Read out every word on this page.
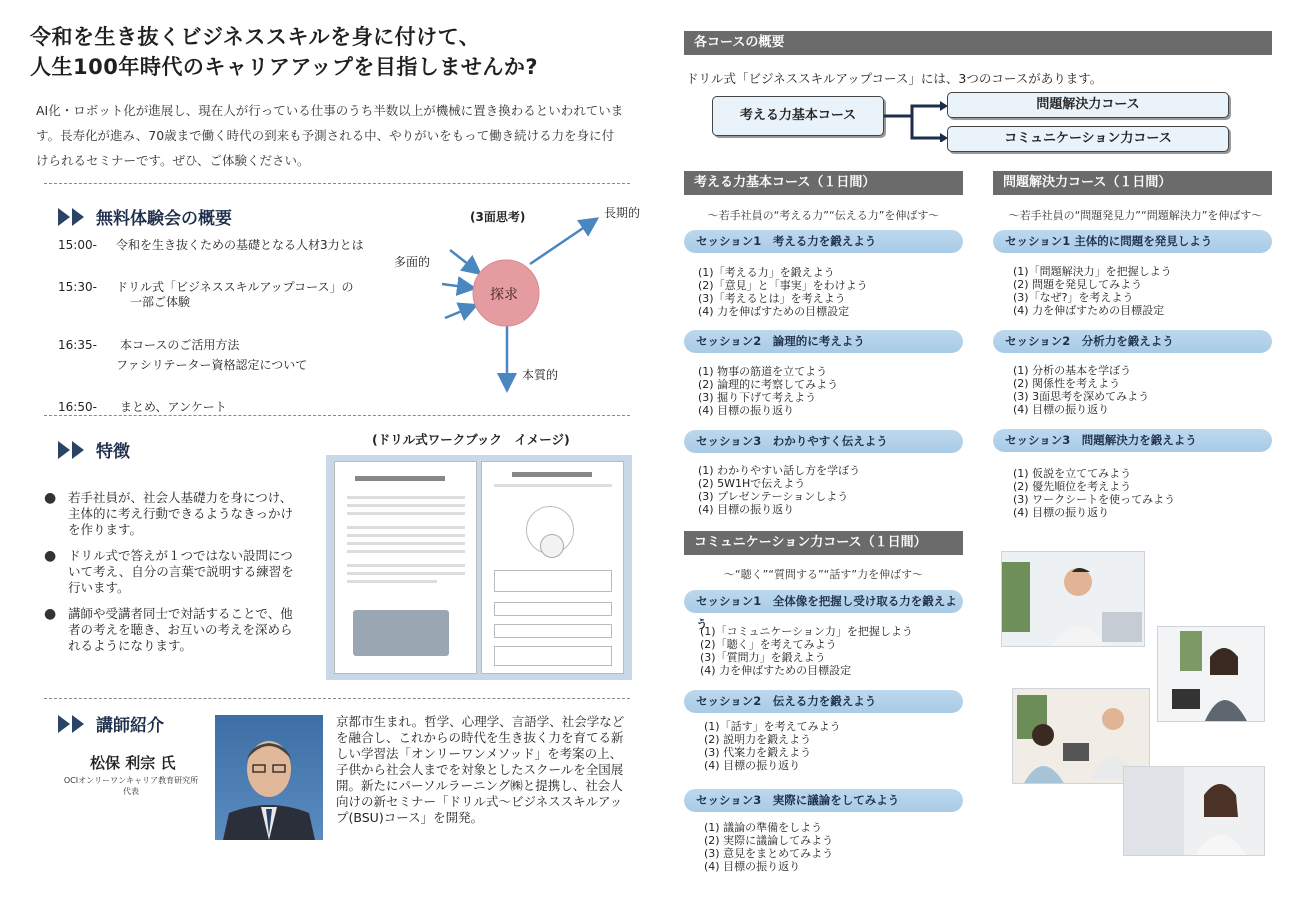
令和を生き抜くビジネススキルを身に付けて、
人生100年時代のキャリアアップを目指しませんか?
AI化・ロボット化が進展し、現在人が行っている仕事のうち半数以上が機械に置き換わるといわれています。長寿化が進み、70歳まで働く時代の到来も予測される中、やりがいをもって働き続ける力を身に付けられるセミナーです。ぜひ、ご体験ください。
無料体験会の概要
15:00-	令和を生き抜くための基礎となる人材3力とは
15:30-	ドリル式「ビジネススキルアップコース」の
一部ご体験
16:35-	本コースのご活用方法
ファシリテーター資格認定について
16:50-	まとめ、アンケート
(3面思考)
探求
多面的
長期的
本質的
特徴
(ドリル式ワークブック　イメージ)
● 若手社員が、社会人基礎力を身につけ、
主体的に考え行動できるようなきっかけ
を作ります。
● ドリル式で答えが１つではない設問につ
いて考え、自分の言葉で説明する練習を
行います。
● 講師や受講者同士で対話することで、他
者の考えを聴き、お互いの考えを深めら
れるようになります。
講師紹介
松保 利宗 氏
OCIオンリーワンキャリア教育研究所
代表
京都市生まれ。哲学、心理学、言語学、社会学などを融合し、これからの時代を生き抜く力を育てる新しい学習法「オンリーワンメソッド」を考案の上、子供から社会人までを対象としたスクールを全国展開。新たにパーソルラーニング㈱と提携し、社会人向けの新セミナー「ドリル式～ビジネススキルアップ(BSU)コース」を開発。
各コースの概要
ドリル式「ビジネススキルアップコース」には、3つのコースがあります。
考える力基本コース
問題解決力コース
コミュニケーション力コース
考える力基本コース（１日間）
～若手社員の“考える力”“伝える力”を伸ばす～
セッション1　考える力を鍛えよう
(1)「考える力」を鍛えよう
(2)「意見」と「事実」をわけよう
(3)「考えるとは」を考えよう
(4) 力を伸ばすための目標設定
セッション2　論理的に考えよう
(1) 物事の筋道を立てよう
(2) 論理的に考察してみよう
(3) 掘り下げて考えよう
(4) 目標の振り返り
セッション3　わかりやすく伝えよう
(1) わかりやすい話し方を学ぼう
(2) 5W1Hで伝えよう
(3) プレゼンテーションしよう
(4) 目標の振り返り
問題解決力コース（１日間）
～若手社員の“問題発見力”“問題解決力”を伸ばす～
セッション1 主体的に問題を発見しよう
(1)「問題解決力」を把握しよう
(2) 問題を発見してみよう
(3)「なぜ?」を考えよう
(4) 力を伸ばすための目標設定
セッション2　分析力を鍛えよう
(1) 分析の基本を学ぼう
(2) 関係性を考えよう
(3) 3面思考を深めてみよう
(4) 目標の振り返り
セッション3　問題解決力を鍛えよう
(1) 仮説を立ててみよう
(2) 優先順位を考えよう
(3) ワークシートを使ってみよう
(4) 目標の振り返り
コミュニケーション力コース（１日間）
～“聴く”“質問する”“話す”力を伸ばす～
セッション1　全体像を把握し受け取る力を鍛えよう
(1)「コミュニケーション力」を把握しよう
(2)「聴く」を考えてみよう
(3)「質問力」を鍛えよう
(4) 力を伸ばすための目標設定
セッション2　伝える力を鍛えよう
(1)「話す」を考えてみよう
(2) 説明力を鍛えよう
(3) 代案力を鍛えよう
(4) 目標の振り返り
セッション3　実際に議論をしてみよう
(1) 議論の準備をしよう
(2) 実際に議論してみよう
(3) 意見をまとめてみよう
(4) 目標の振り返り
